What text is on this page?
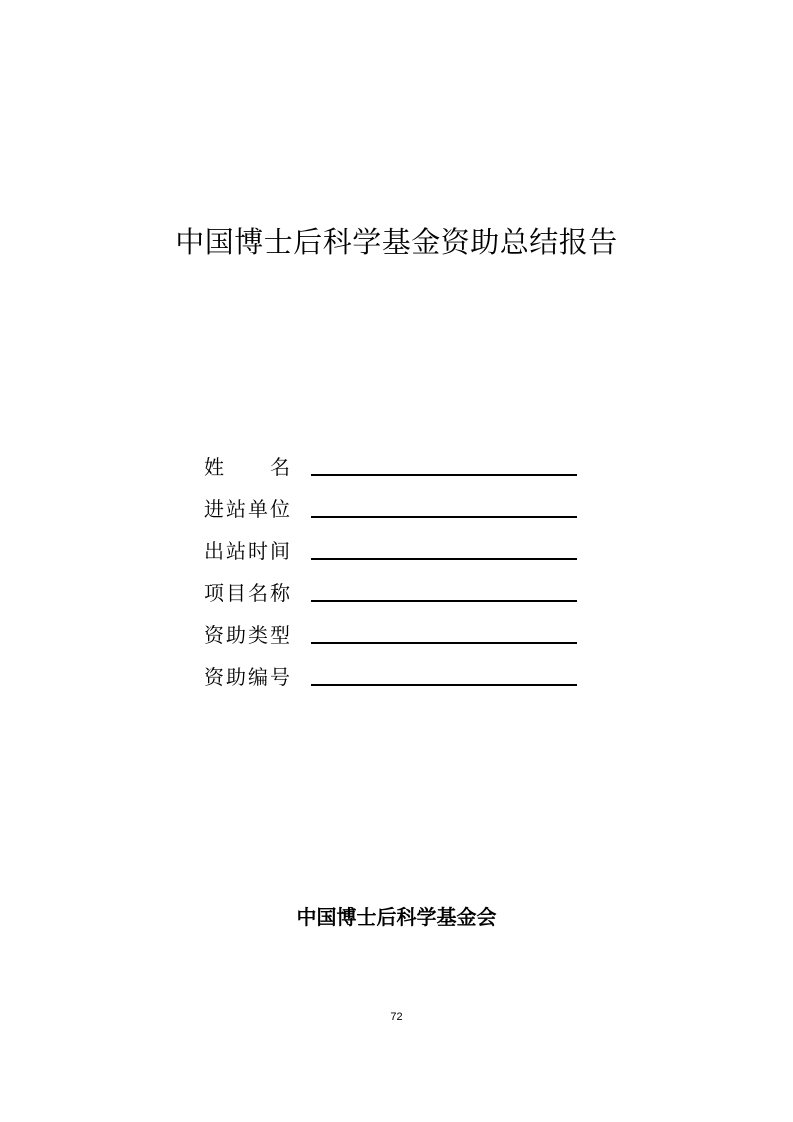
中国博士后科学基金资助总结报告
姓 名
进站单位
出站时间
项目名称
资助类型
资助编号
中国博士后科学基金会
72
